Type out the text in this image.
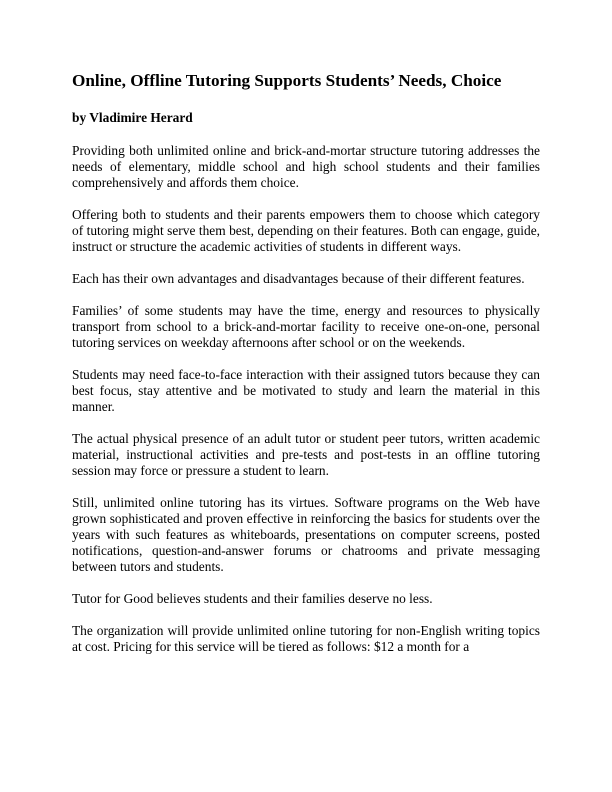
Online, Offline Tutoring Supports Students’ Needs, Choice

by Vladimire Herard

Providing both unlimited online and brick-and-mortar structure tutoring addresses the needs of elementary, middle school and high school students and their families comprehensively and affords them choice.

Offering both to students and their parents empowers them to choose which category of tutoring might serve them best, depending on their features. Both can engage, guide, instruct or structure the academic activities of students in different ways.

Each has their own advantages and disadvantages because of their different features.

Families’ of some students may have the time, energy and resources to physically transport from school to a brick-and-mortar facility to receive one-on-one, personal tutoring services on weekday afternoons after school or on the weekends.

Students may need face-to-face interaction with their assigned tutors because they can best focus, stay attentive and be motivated to study and learn the material in this manner.

The actual physical presence of an adult tutor or student peer tutors, written academic material, instructional activities and pre-tests and post-tests in an offline tutoring session may force or pressure a student to learn.

Still, unlimited online tutoring has its virtues. Software programs on the Web have grown sophisticated and proven effective in reinforcing the basics for students over the years with such features as whiteboards, presentations on computer screens, posted notifications, question-and-answer forums or chatrooms and private messaging between tutors and students.

Tutor for Good believes students and their families deserve no less.

The organization will provide unlimited online tutoring for non-English writing topics at cost. Pricing for this service will be tiered as follows: $12 a month for a
